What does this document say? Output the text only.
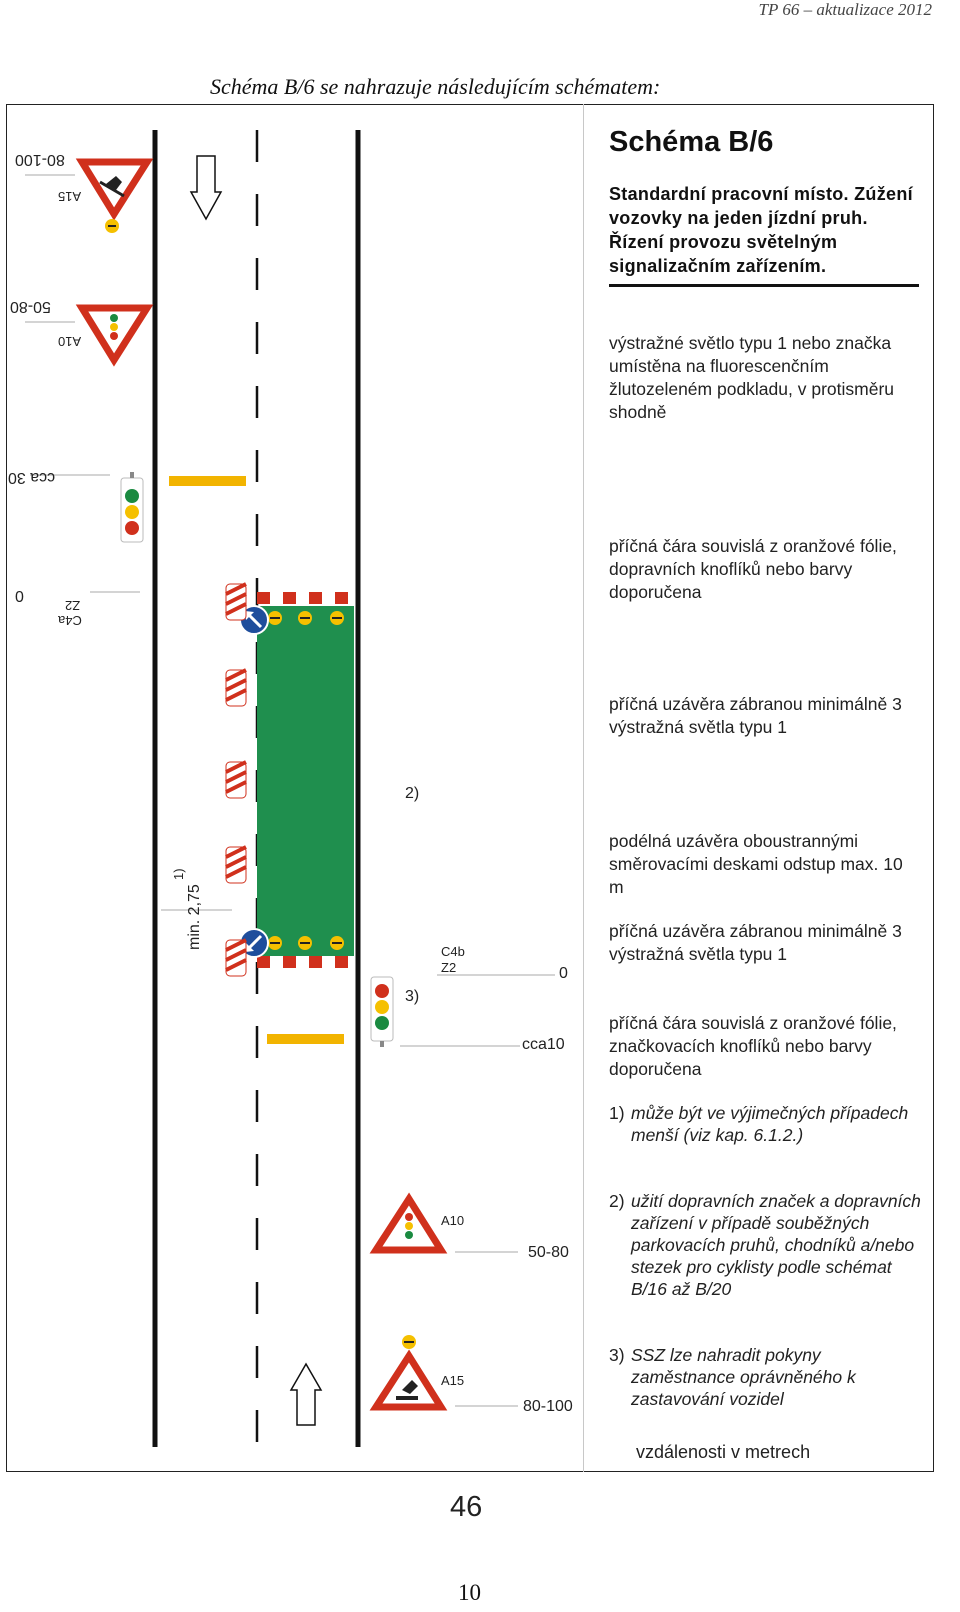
TP 66 – aktualizace 2012
Schéma B/6 se nahrazuje následujícím schématem:
80-100
A15
50-80
A10
cca 30
0
C4a
Z2
2)
1)
min. 2,75
C4b
Z2	0
3)
cca10
A10
50-80
A15
80-100
Schéma B/6
Standardní pracovní místo. Zúžení vozovky na jeden jízdní pruh. Řízení provozu světelným signalizačním zařízením.
výstražné světlo typu 1 nebo značka umístěna na fluorescenčním žlutozeleném podkladu, v protisměru shodně
příčná čára souvislá z oranžové fólie, dopravních knoflíků nebo barvy doporučena
příčná uzávěra zábranou minimálně 3 výstražná světla typu 1
podélná uzávěra oboustrannými směrovacími deskami odstup max. 10 m
příčná uzávěra zábranou minimálně 3 výstražná světla typu 1
příčná čára souvislá z oranžové fólie, značkovacích knoflíků nebo barvy doporučena
1) může být ve výjimečných případech menší (viz kap. 6.1.2.)
2) užití dopravních značek a dopravních zařízení v případě souběžných parkovacích pruhů, chodníků a/nebo stezek pro cyklisty podle schémat B/16 až B/20
3) SSZ lze nahradit pokyny zaměstnance oprávněného k zastavování vozidel
vzdálenosti v metrech
46
10
